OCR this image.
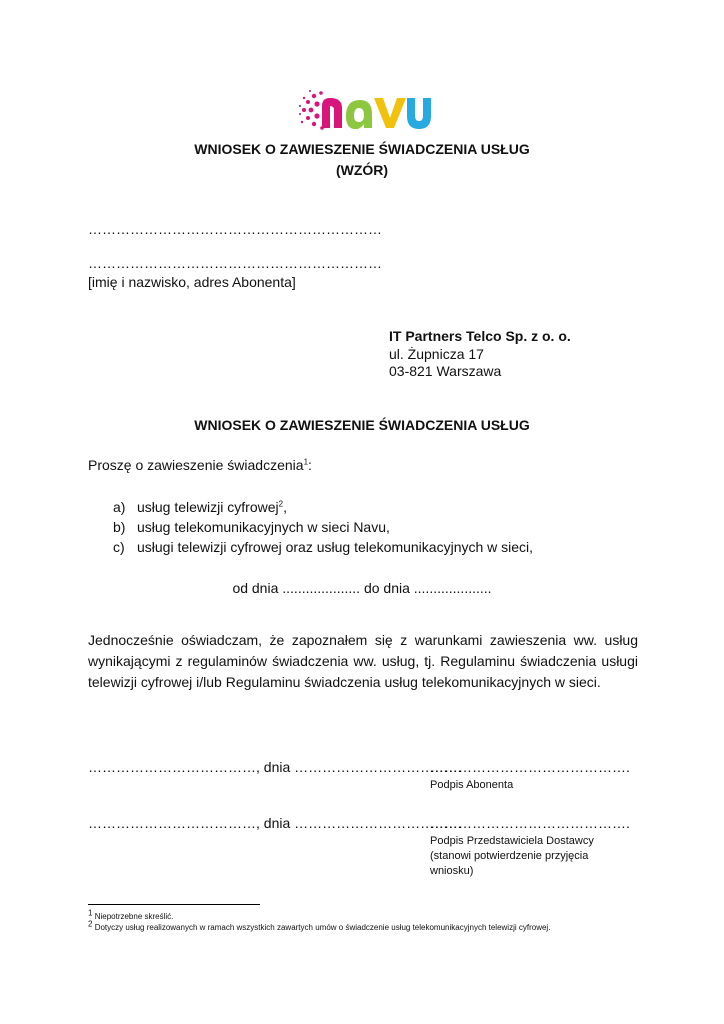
WNIOSEK O ZAWIESZENIE ŚWIADCZENIA USŁUG
(WZÓR)
………………………………………………………
………………………………………………………
[imię i nazwisko, adres Abonenta]
IT Partners Telco Sp. z o. o.
ul. Żupnicza 17
03-821 Warszawa
WNIOSEK O ZAWIESZENIE ŚWIADCZENIA USŁUG
Proszę o zawieszenie świadczenia$^1$:
a) usług telewizji cyfrowej$^2$,
b) usług telekomunikacyjnych w sieci Navu,
c) usługi telewizji cyfrowej oraz usług telekomunikacyjnych w sieci,
od dnia .................... do dnia ....................
Jednocześnie oświadczam, że zapoznałem się z warunkami zawieszenia ww. usług wynikającymi z regulaminów świadczenia ww. usług, tj. Regulaminu świadczenia usługi telewizji cyfrowej i/lub Regulaminu świadczenia usług telekomunikacyjnych w sieci.
………………………………, dnia ………………………………
…………………………………….
Podpis Abonenta
………………………………, dnia ………………………………
…………………………………….
Podpis Przedstawiciela Dostawcy
(stanowi potwierdzenie przyjęcia
wniosku)
$^1$ Niepotrzebne skreślić.
$^2$ Dotyczy usług realizowanych w ramach wszystkich zawartych umów o świadczenie usług telekomunikacyjnych telewizji cyfrowej.
